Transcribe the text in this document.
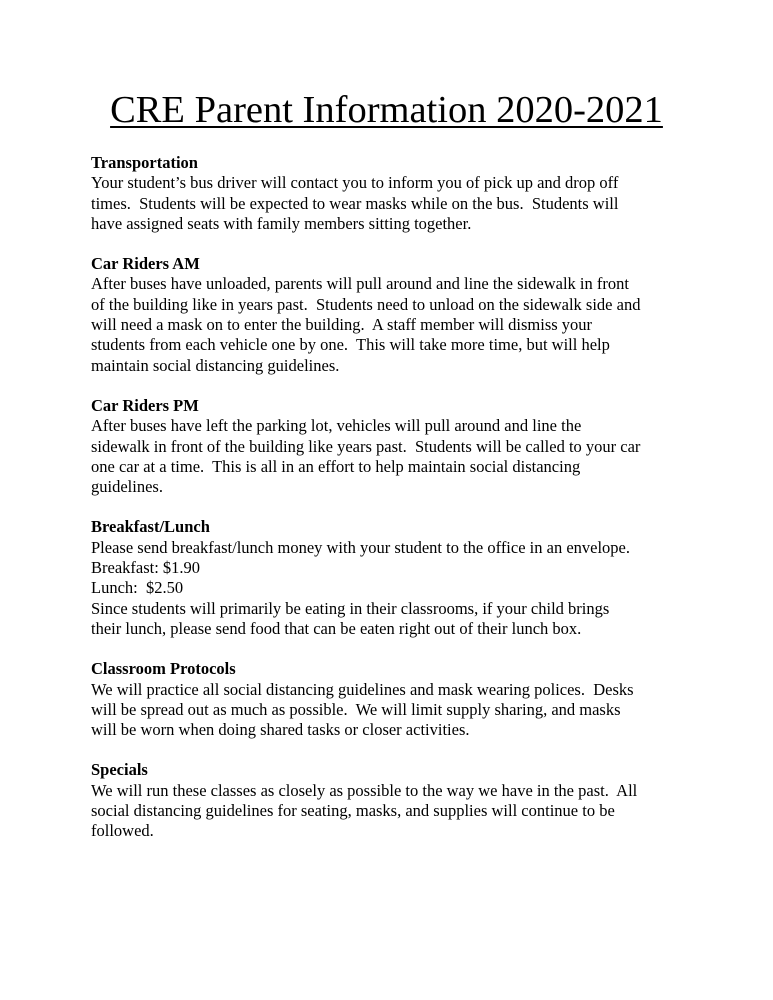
CRE Parent Information 2020-2021
Transportation
Your student’s bus driver will contact you to inform you of pick up and drop off
times.  Students will be expected to wear masks while on the bus.  Students will
have assigned seats with family members sitting together.
Car Riders AM
After buses have unloaded, parents will pull around and line the sidewalk in front
of the building like in years past.  Students need to unload on the sidewalk side and
will need a mask on to enter the building.  A staff member will dismiss your
students from each vehicle one by one.  This will take more time, but will help
maintain social distancing guidelines.
Car Riders PM
After buses have left the parking lot, vehicles will pull around and line the
sidewalk in front of the building like years past.  Students will be called to your car
one car at a time.  This is all in an effort to help maintain social distancing
guidelines.
Breakfast/Lunch
Please send breakfast/lunch money with your student to the office in an envelope.
Breakfast: $1.90
Lunch:  $2.50
Since students will primarily be eating in their classrooms, if your child brings
their lunch, please send food that can be eaten right out of their lunch box.
Classroom Protocols
We will practice all social distancing guidelines and mask wearing polices.  Desks
will be spread out as much as possible.  We will limit supply sharing, and masks
will be worn when doing shared tasks or closer activities.
Specials
We will run these classes as closely as possible to the way we have in the past.  All
social distancing guidelines for seating, masks, and supplies will continue to be
followed.
